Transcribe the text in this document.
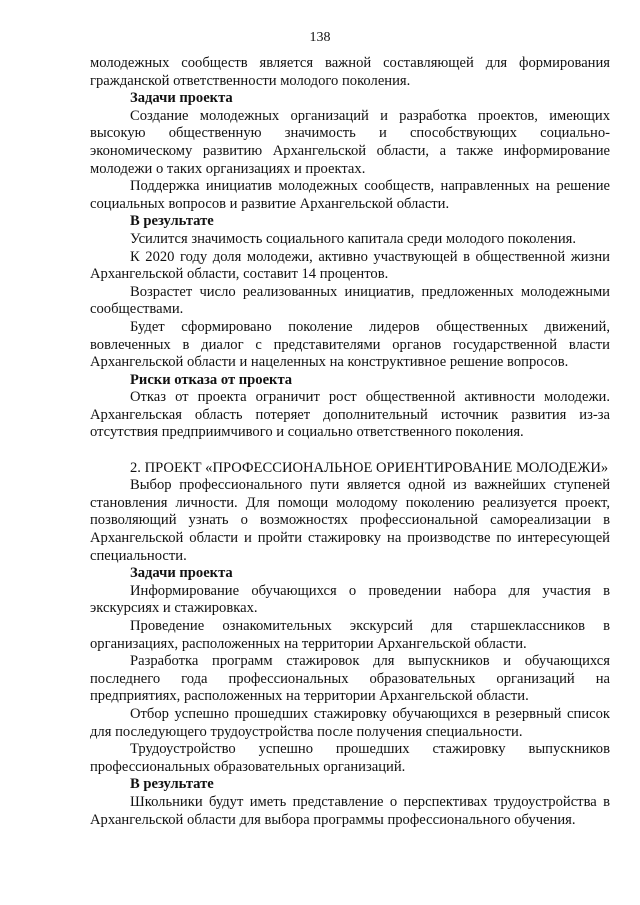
138

молодежных сообществ является важной составляющей для формирования гражданской ответственности молодого поколения.

Задачи проекта

Создание молодежных организаций и разработка проектов, имеющих высокую общественную значимость и способствующих социально-экономическому развитию Архангельской области, а также информирование молодежи о таких организациях и проектах.

Поддержка инициатив молодежных сообществ, направленных на решение социальных вопросов и развитие Архангельской области.

В результате

Усилится значимость социального капитала среди молодого поколения.

К 2020 году доля молодежи, активно участвующей в общественной жизни Архангельской области, составит 14 процентов.

Возрастет число реализованных инициатив, предложенных молодежными сообществами.

Будет сформировано поколение лидеров общественных движений, вовлеченных в диалог с представителями органов государственной власти Архангельской области и нацеленных на конструктивное решение вопросов.

Риски отказа от проекта

Отказ от проекта ограничит рост общественной активности молодежи. Архангельская область потеряет дополнительный источник развития из-за отсутствия предприимчивого и социально ответственного поколения.

2. ПРОЕКТ «ПРОФЕССИОНАЛЬНОЕ ОРИЕНТИРОВАНИЕ МОЛОДЕЖИ»

Выбор профессионального пути является одной из важнейших ступеней становления личности. Для помощи молодому поколению реализуется проект, позволяющий узнать о возможностях профессиональной самореализации в Архангельской области и пройти стажировку на производстве по интересующей специальности.

Задачи проекта

Информирование обучающихся о проведении набора для участия в экскурсиях и стажировках.

Проведение ознакомительных экскурсий для старшеклассников в организациях, расположенных на территории Архангельской области.

Разработка программ стажировок для выпускников и обучающихся последнего года профессиональных образовательных организаций на предприятиях, расположенных на территории Архангельской области.

Отбор успешно прошедших стажировку обучающихся в резервный список для последующего трудоустройства после получения специальности.

Трудоустройство успешно прошедших стажировку выпускников профессиональных образовательных организаций.

В результате

Школьники будут иметь представление о перспективах трудоустройства в Архангельской области для выбора программы профессионального обучения.
